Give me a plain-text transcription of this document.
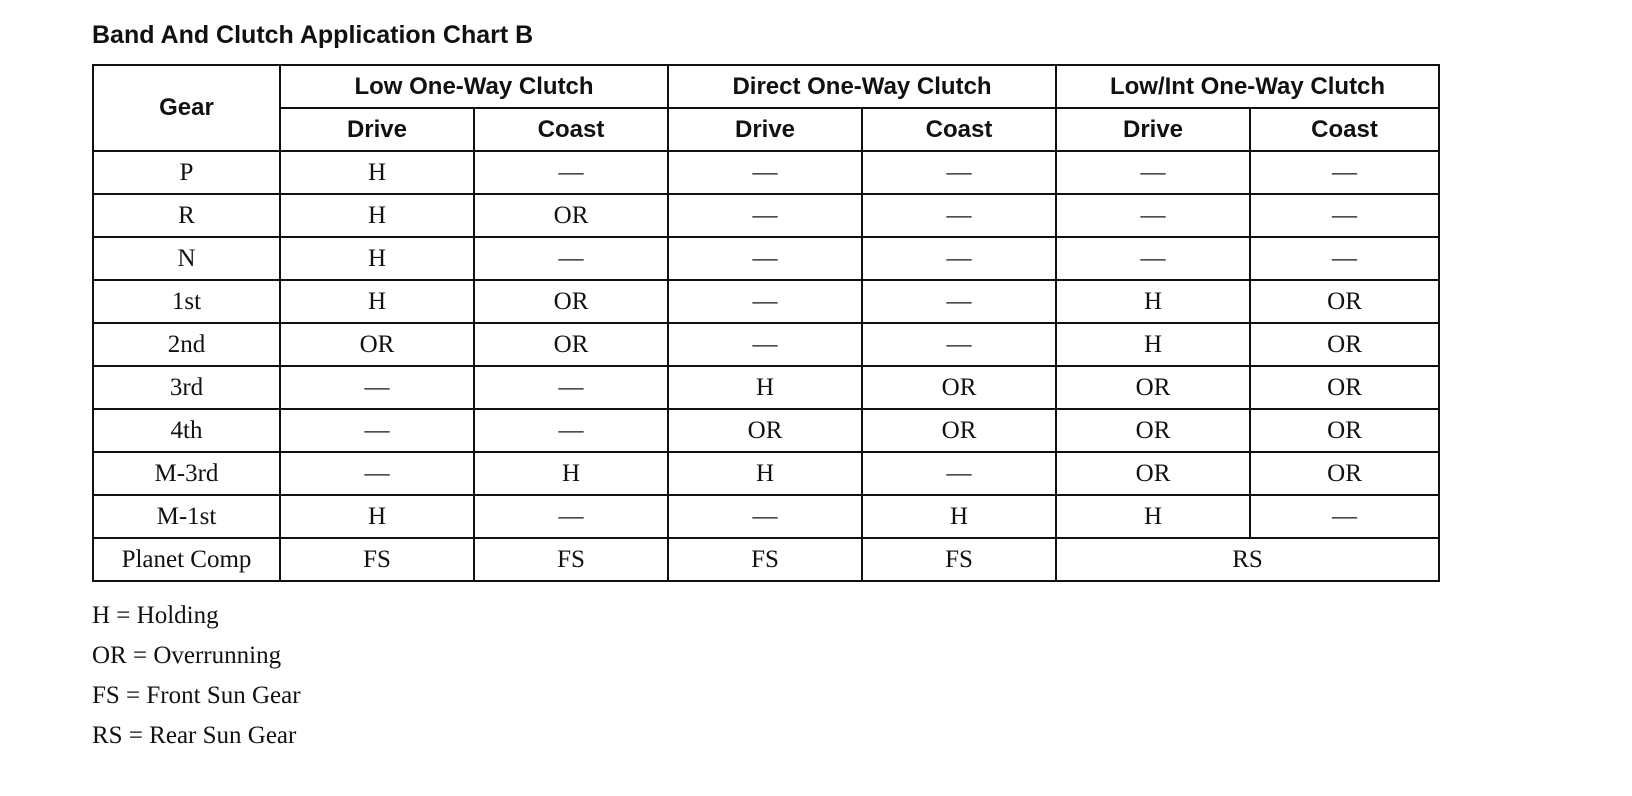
Band And Clutch Application Chart B
Gear	Low One-Way Clutch		Direct One-Way Clutch		Low/Int One-Way Clutch	
	Drive	Coast	Drive	Coast	Drive	Coast
P	H	—	—	—	—	—
R	H	OR	—	—	—	—
N	H	—	—	—	—	—
1st	H	OR	—	—	H	OR
2nd	OR	OR	—	—	H	OR
3rd	—	—	H	OR	OR	OR
4th	—	—	OR	OR	OR	OR
M-3rd	—	H	H	—	OR	OR
M-1st	H	—	—	H	H	—
Planet Comp	FS	FS	FS	FS	RS	
H = Holding
OR = Overrunning
FS = Front Sun Gear
RS = Rear Sun Gear
